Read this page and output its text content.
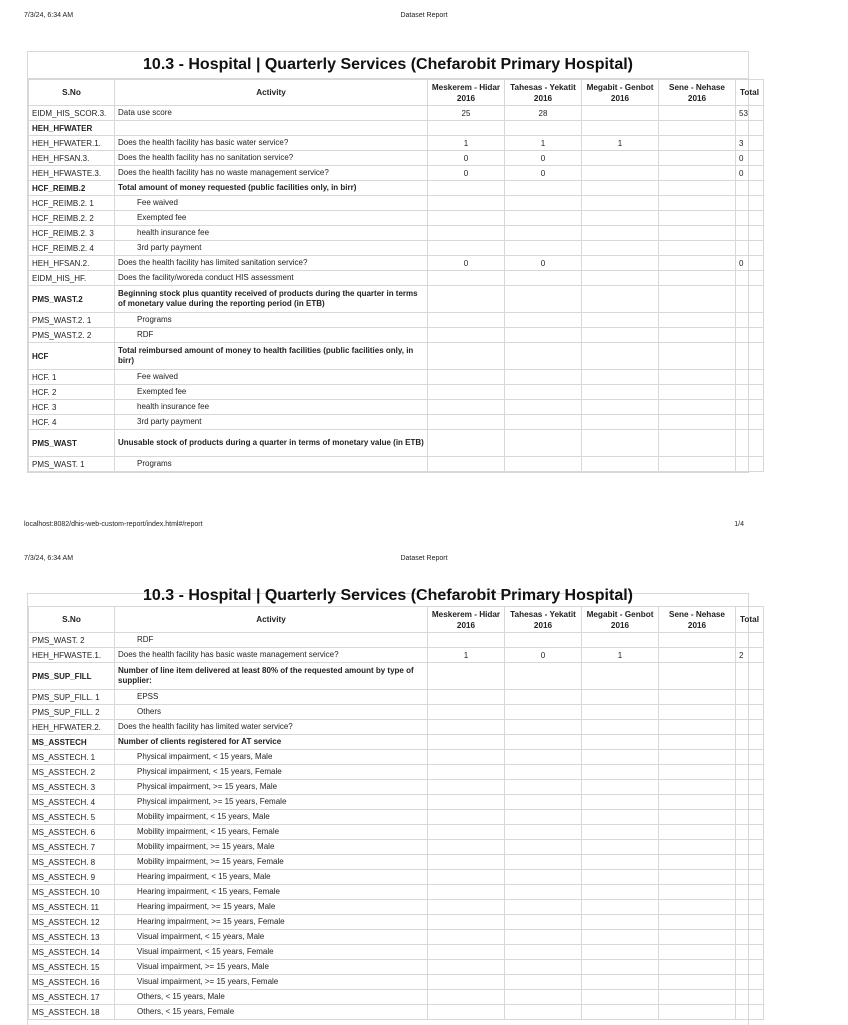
7/3/24, 6:34 AM	Dataset Report
10.3 - Hospital | Quarterly Services (Chefarobit Primary Hospital)
S.No	Activity	Meskerem - Hidar 2016	Tahesas - Yekatit 2016	Megabit - Genbot 2016	Sene - Nehase 2016	Total
EIDM_HIS_SCOR.3.	Data use score	25	28			53
HEH_HFWATER						
HEH_HFWATER.1.	Does the health facility has basic water service?	1	1	1		3
HEH_HFSAN.3.	Does the health facility has no sanitation service?	0	0			0
HEH_HFWASTE.3.	Does the health facility has no waste management service?	0	0			0
HCF_REIMB.2	Total amount of money requested (public facilities only, in birr)					
HCF_REIMB.2. 1	Fee waived					
HCF_REIMB.2. 2	Exempted fee					
HCF_REIMB.2. 3	health insurance fee					
HCF_REIMB.2. 4	3rd party payment					
HEH_HFSAN.2.	Does the health facility has limited sanitation service?	0	0			0
EIDM_HIS_HF.	Does the facility/woreda conduct HIS assessment					
PMS_WAST.2	Beginning stock plus quantity received of products during the quarter in terms of monetary value during the reporting period (in ETB)					
PMS_WAST.2. 1	Programs					
PMS_WAST.2. 2	RDF					
HCF	Total reimbursed amount of money to health facilities (public facilities only, in birr)					
HCF. 1	Fee waived					
HCF. 2	Exempted fee					
HCF. 3	health insurance fee					
HCF. 4	3rd party payment					
PMS_WAST	Unusable stock of products during a quarter in terms of monetary value (in ETB)					
PMS_WAST. 1	Programs					
localhost:8082/dhis-web-custom-report/index.html#/report	1/4
7/3/24, 6:34 AM	Dataset Report
10.3 - Hospital | Quarterly Services (Chefarobit Primary Hospital)
S.No	Activity	Meskerem - Hidar 2016	Tahesas - Yekatit 2016	Megabit - Genbot 2016	Sene - Nehase 2016	Total
PMS_WAST. 2	RDF					
HEH_HFWASTE.1.	Does the health facility has basic waste management service?	1	0	1		2
PMS_SUP_FILL	Number of line item delivered at least 80% of the requested amount by type of supplier:					
PMS_SUP_FILL. 1	EPSS					
PMS_SUP_FILL. 2	Others					
HEH_HFWATER.2.	Does the health facility has limited water service?					
MS_ASSTECH	Number of clients registered for AT service					
MS_ASSTECH. 1	Physical impairment, < 15 years, Male					
MS_ASSTECH. 2	Physical impairment, < 15 years, Female					
MS_ASSTECH. 3	Physical impairment, >= 15 years, Male					
MS_ASSTECH. 4	Physical impairment, >= 15 years, Female					
MS_ASSTECH. 5	Mobility impairment, < 15 years, Male					
MS_ASSTECH. 6	Mobility impairment, < 15 years, Female					
MS_ASSTECH. 7	Mobility impairment, >= 15 years, Male					
MS_ASSTECH. 8	Mobility impairment, >= 15 years, Female					
MS_ASSTECH. 9	Hearing impairment, < 15 years, Male					
MS_ASSTECH. 10	Hearing impairment, < 15 years, Female					
MS_ASSTECH. 11	Hearing impairment, >= 15 years, Male					
MS_ASSTECH. 12	Hearing impairment, >= 15 years, Female					
MS_ASSTECH. 13	Visual impairment, < 15 years, Male					
MS_ASSTECH. 14	Visual impairment, < 15 years, Female					
MS_ASSTECH. 15	Visual impairment, >= 15 years, Male					
MS_ASSTECH. 16	Visual impairment, >= 15 years, Female					
MS_ASSTECH. 17	Others, < 15 years, Male					
MS_ASSTECH. 18	Others, < 15 years, Female					
